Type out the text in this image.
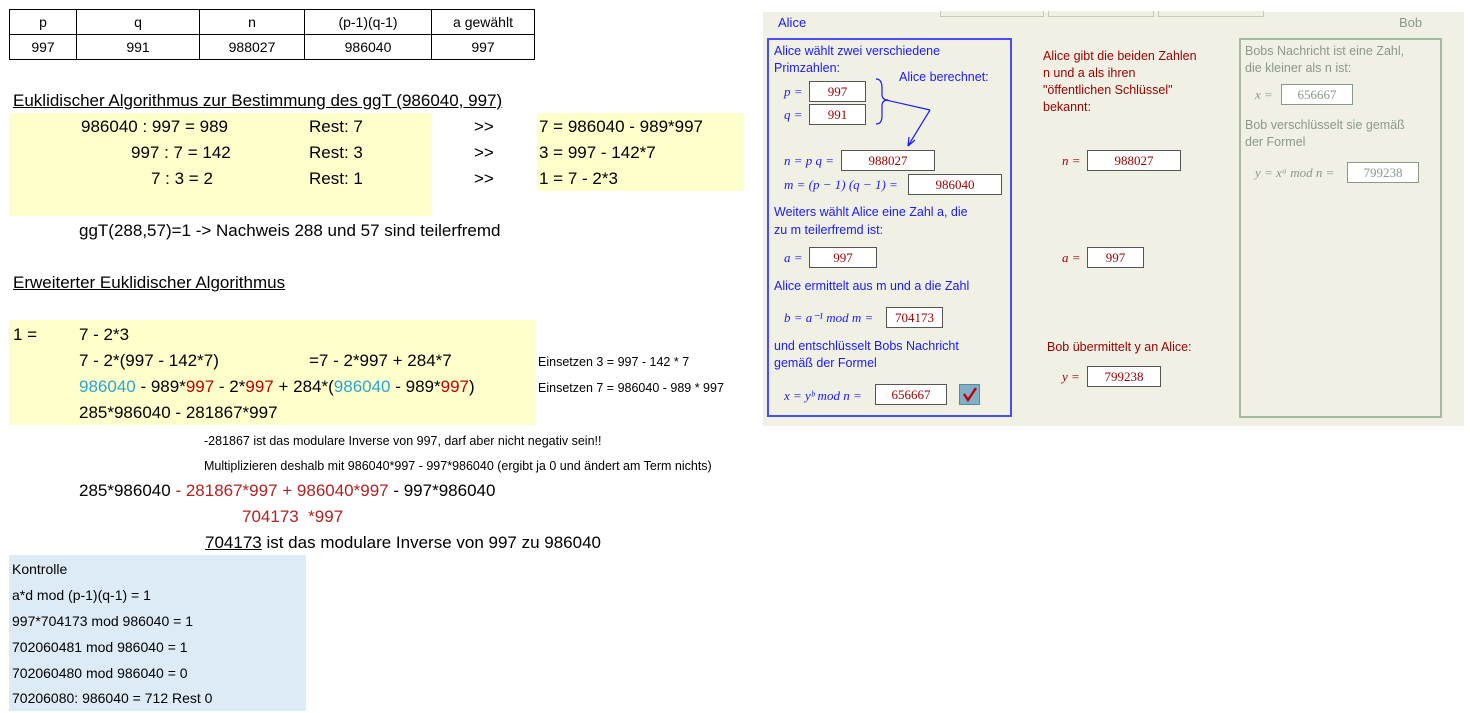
p	q	n	(p-1)(q-1)	a gewählt
997	991	988027	986040	997
Euklidischer Algorithmus zur Bestimmung des ggT (986040, 997)
986040 : 997 = 989	Rest: 7	>>	7 = 986040 - 989*997
997 : 7 = 142	Rest: 3	>>	3 = 997 - 142*7
7 : 3 = 2	Rest: 1	>>	1 = 7 - 2*3
ggT(288,57)=1 -> Nachweis 288 und 57 sind teilerfremd
Erweiterter Euklidischer Algorithmus
1 = 7 - 2*3
7 - 2*(997 - 142*7)	=7 - 2*997 + 284*7	Einsetzen 3 = 997 - 142 * 7
986040 - 989*997 - 2*997 + 284*(986040 - 989*997)	Einsetzen 7 = 986040 - 989 * 997
285*986040 - 281867*997
-281867 ist das modulare Inverse von 997, darf aber nicht negativ sein!!
Multiplizieren deshalb mit 986040*997 - 997*986040 (ergibt ja 0 und ändert am Term nichts)
285*986040 - 281867*997 + 986040*997 - 997*986040
704173  *997
704173 ist das modulare Inverse von 997 zu 986040
Kontrolle
a*d mod (p-1)(q-1) = 1
997*704173 mod 986040 = 1
702060481 mod 986040 = 1
702060480 mod 986040 = 0
70206080: 986040 = 712 Rest 0
Alice	Bob
Alice wählt zwei verschiedene
Primzahlen:
Alice berechnet:
p =	997
q =	991
n = p q =	988027
m = (p − 1) (q − 1) =	986040
Weiters wählt Alice eine Zahl a, die
zu m teilerfremd ist:
a =	997
Alice ermittelt aus m und a die Zahl
b = a⁻¹ mod m =	704173
und entschlüsselt Bobs Nachricht
gemäß der Formel
x = yᵇ mod n =	656667
Alice gibt die beiden Zahlen
n und a als ihren
"öffentlichen Schlüssel"
bekannt:
n =	988027
a =	997
Bob übermittelt y an Alice:
y =	799238
Bobs Nachricht ist eine Zahl,
die kleiner als n ist:
x =	656667
Bob verschlüsselt sie gemäß
der Formel
y = xᵃ mod n =	799238
